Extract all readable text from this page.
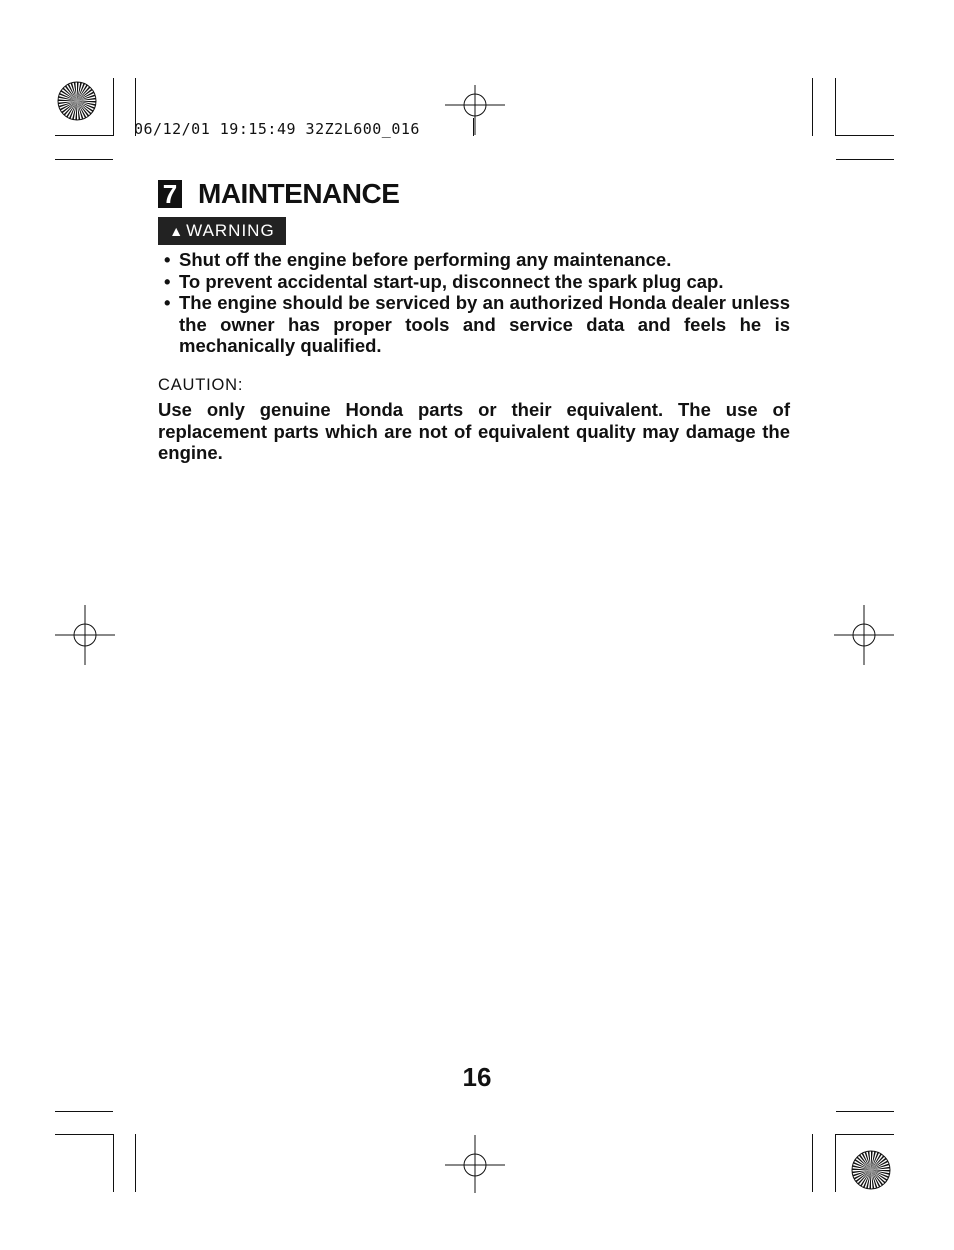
06/12/01 19:15:49 32Z2L600_016
7 MAINTENANCE
▲ WARNING
• Shut off the engine before performing any maintenance.
• To prevent accidental start-up, disconnect the spark plug cap.
• The engine should be serviced by an authorized Honda dealer unless the owner has proper tools and service data and feels he is mechanically qualified.
CAUTION:
Use only genuine Honda parts or their equivalent. The use of replacement parts which are not of equivalent quality may damage the engine.
16
